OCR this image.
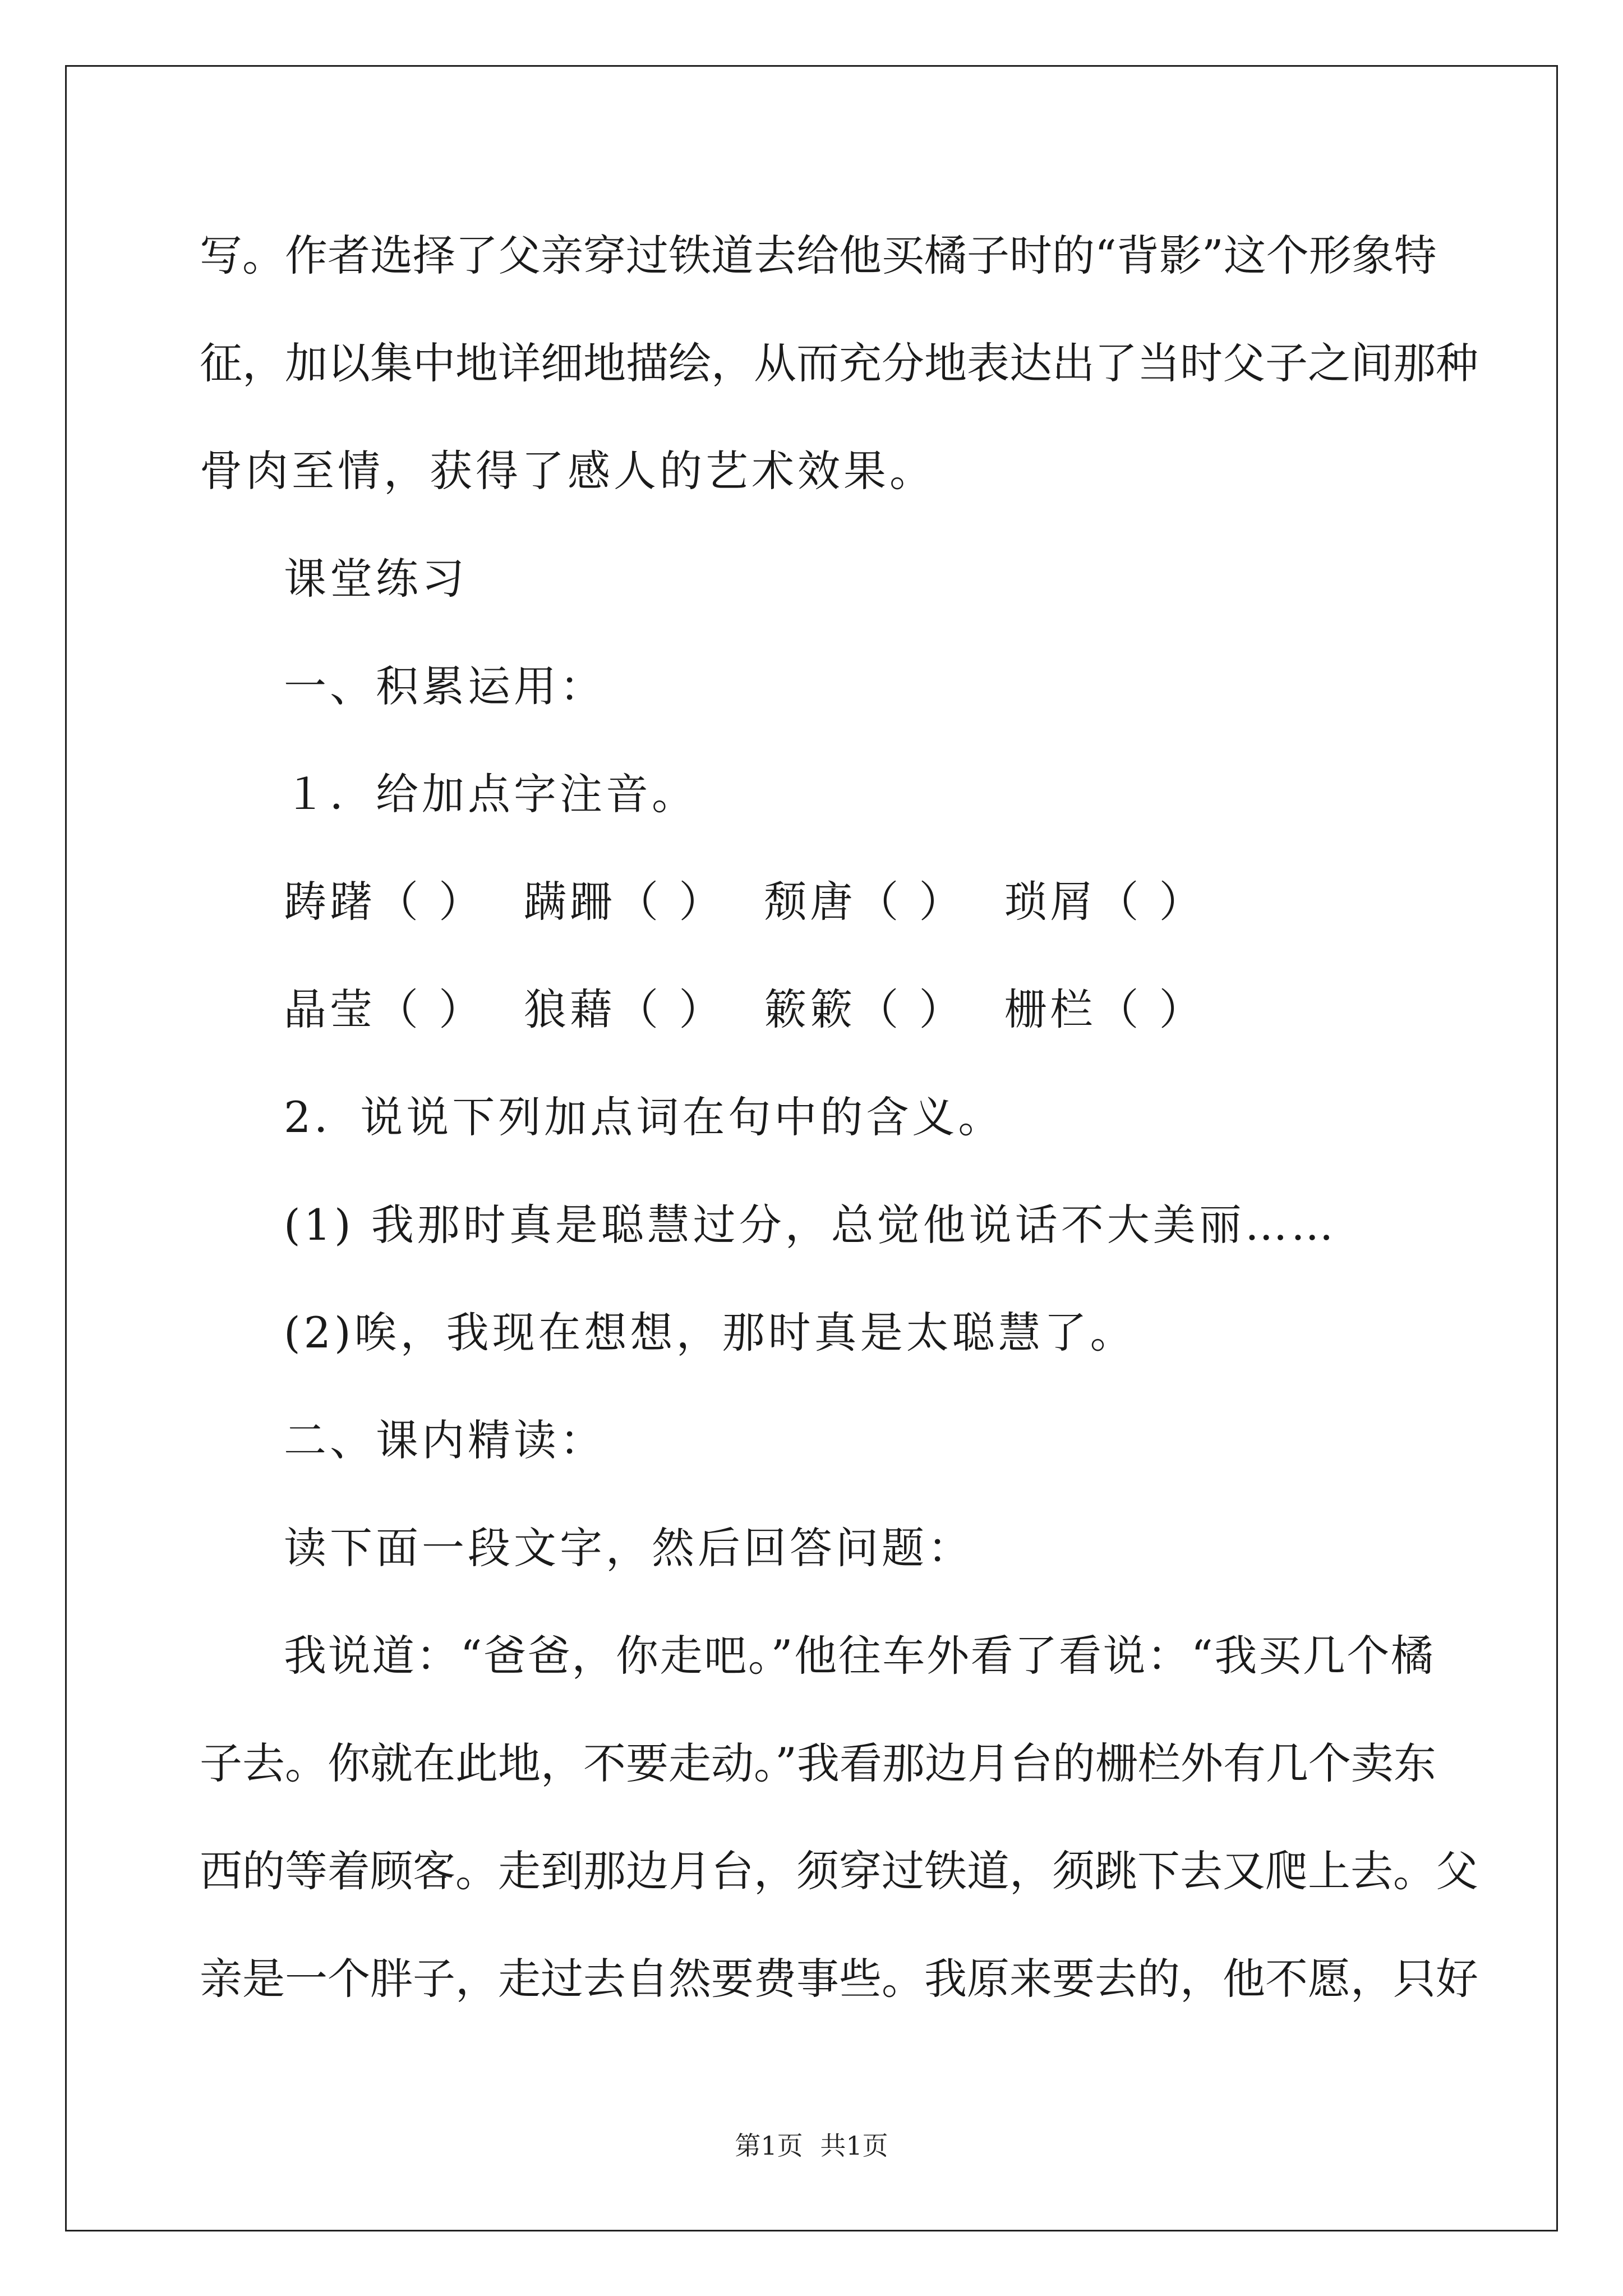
写。作者选择了父亲穿过铁道去给他买橘子时的“背影”这个形象特
征，加以集中地详细地描绘，从而充分地表达出了当时父子之间那种
骨肉至情，获得了感人的艺术效果。
课堂练习
一、积累运用：
１．给加点字注音。
踌躇（ ） 蹒跚（ ） 颓唐（ ） 琐屑（ ）
晶莹（ ） 狼藉（ ） 簌簌（ ） 栅栏（ ）
2．说说下列加点词在句中的含义。
(1) 我那时真是聪慧过分，总觉他说话不大美丽……
(2)唉，我现在想想，那时真是太聪慧了。
二、课内精读：
读下面一段文字，然后回答问题：
我说道：“爸爸，你走吧。”他往车外看了看说：“我买几个橘
子去。你就在此地，不要走动。”我看那边月台的栅栏外有几个卖东
西的等着顾客。走到那边月台，须穿过铁道，须跳下去又爬上去。父
亲是一个胖子，走过去自然要费事些。我原来要去的，他不愿，只好
第1页 共1页
